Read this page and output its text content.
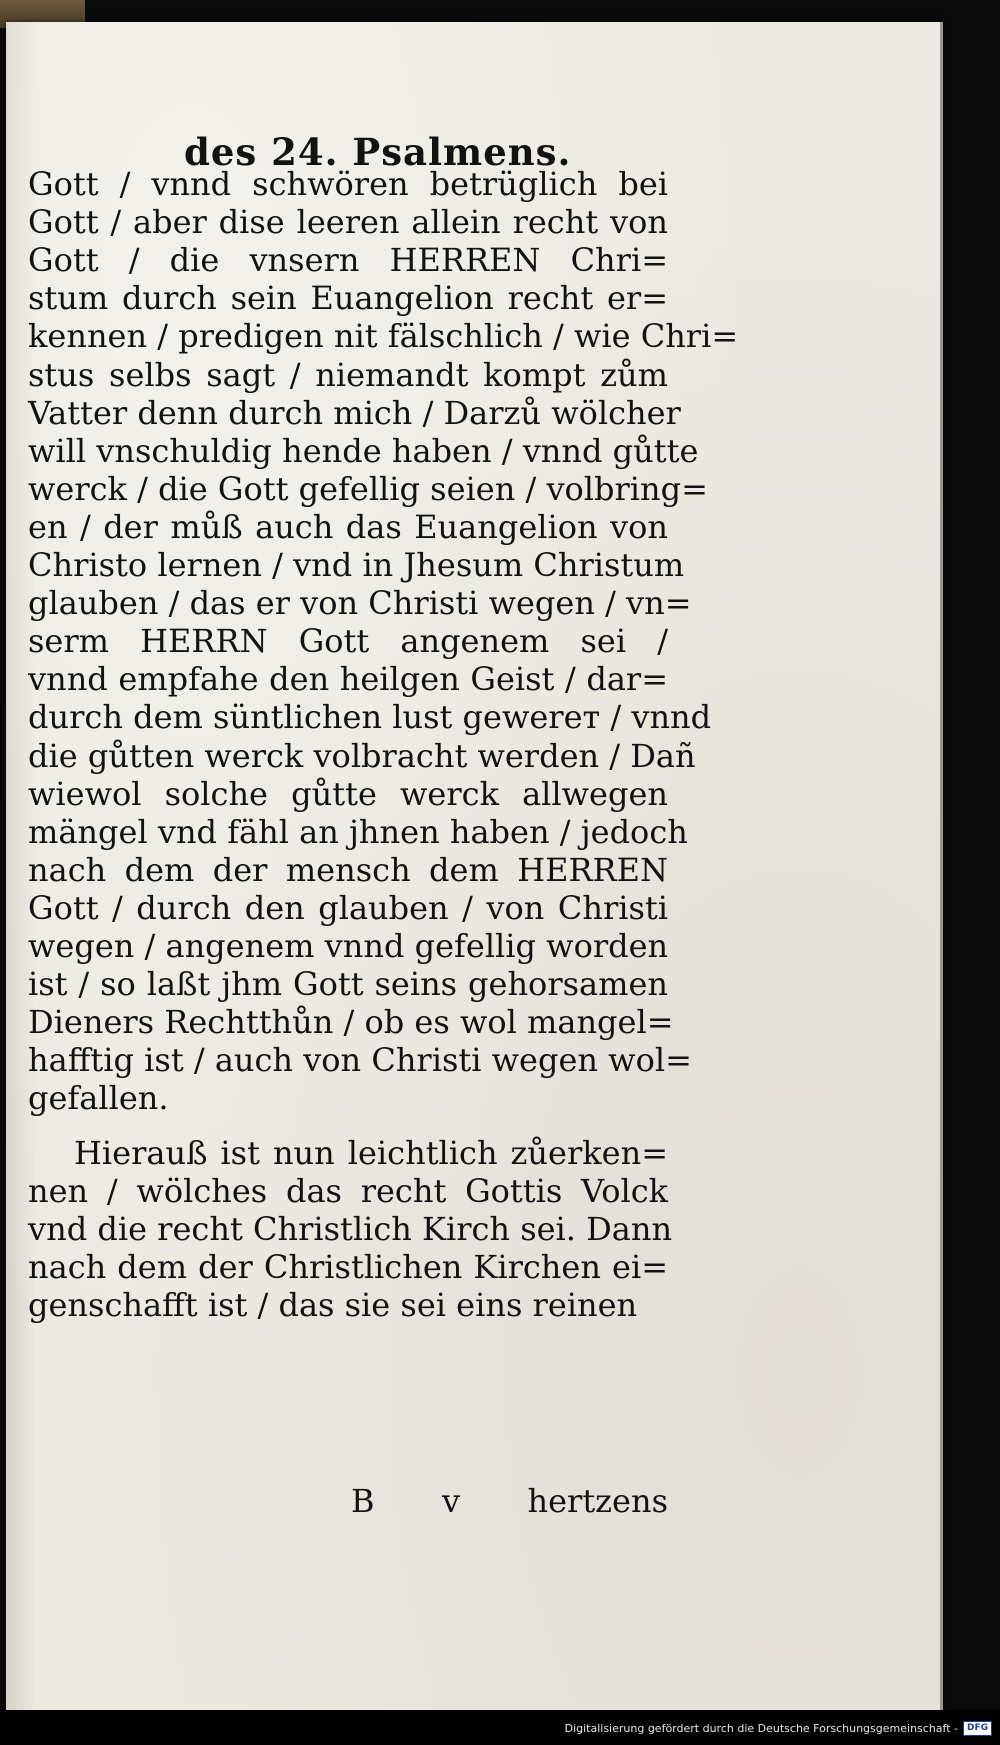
des 24. Psalmens.
Gott / vnnd schwören betrüglich bei
Gott / aber dise leeren allein recht von
Gott / die vnsern HERREN Chri=
stum durch sein Euangelion recht er=
kennen / predigen nit fälschlich / wie Chri=
stus selbs sagt / niemandt kompt zům
Vatter denn durch mich / Darzů wölcher
will vnschuldig hende haben / vnnd gůtte
werck / die Gott gefellig seien / volbring=
en / der můß auch das Euangelion von
Christo lernen / vnd in Jhesum Christum
glauben / das er von Christi wegen / vn=
serm HERRN Gott angenem sei /
vnnd empfahe den heilgen Geist / dar=
durch dem süntlichen lust gewerет / vnnd
die gůtten werck volbracht werden / Dañ
wiewol solche gůtte werck allwegen
mängel vnd fähl an jhnen haben / jedoch
nach dem der mensch dem HERREN
Gott / durch den glauben / von Christi
wegen / angenem vnnd gefellig worden
ist / so laßt jhm Gott seins gehorsamen
Dieners Rechtthůn / ob es wol mangel=
hafftig ist / auch von Christi wegen wol=
gefallen.
Hierauß ist nun leichtlich zůerken=
nen / wölches das recht Gottis Volck
vnd die recht Christlich Kirch sei. Dann
nach dem der Christlichen Kirchen ei=
genschafft ist / das sie sei eins reinen
B v hertzens
Digitalisierung gefördert durch die Deutsche Forschungsgemeinschaft -	DFG
